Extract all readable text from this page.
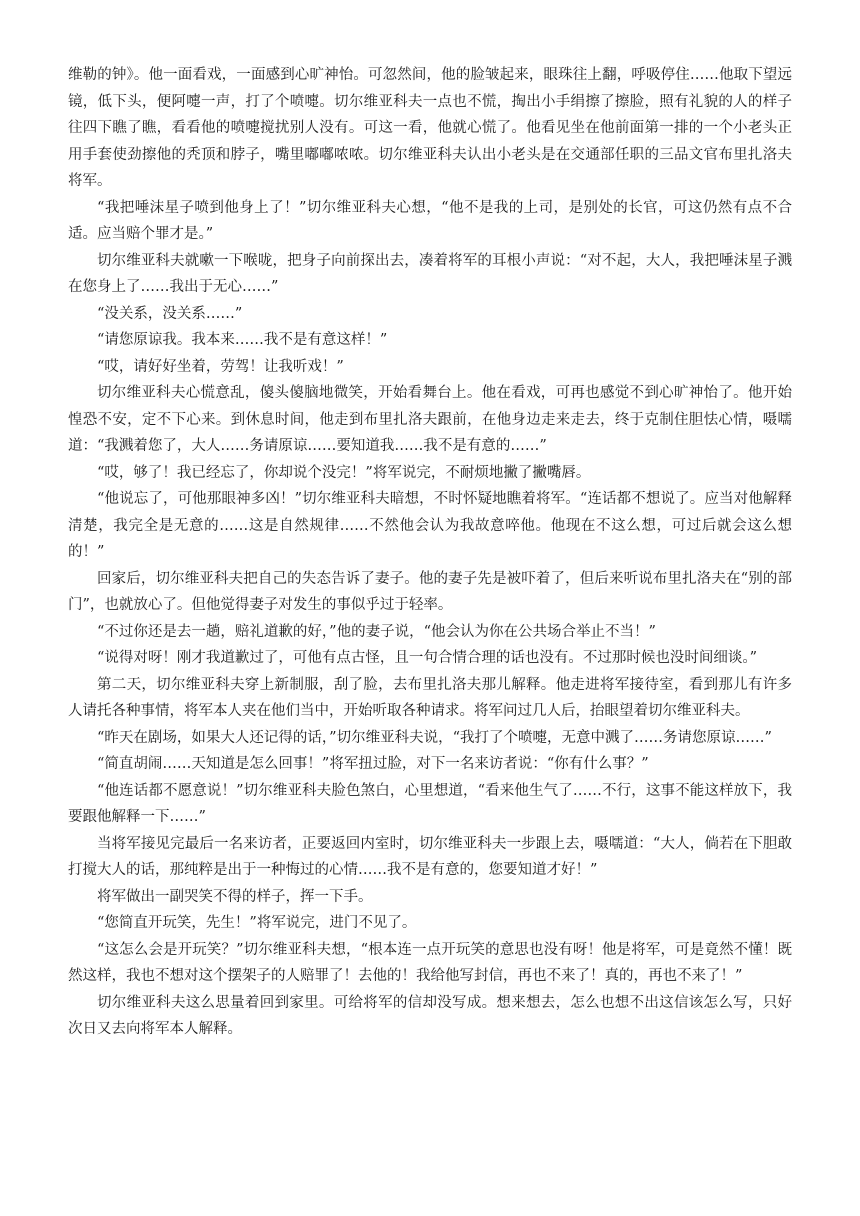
维勒的钟》。他一面看戏，一面感到心旷神怡。可忽然间，他的脸皱起来，眼珠往上翻，呼吸停住……他取下望远镜，低下头，便阿嚏一声，打了个喷嚏。切尔维亚科夫一点也不慌，掏出小手绢擦了擦脸，照有礼貌的人的样子往四下瞧了瞧，看看他的喷嚏搅扰别人没有。可这一看，他就心慌了。他看见坐在他前面第一排的一个小老头正用手套使劲擦他的秃顶和脖子，嘴里嘟嘟哝哝。切尔维亚科夫认出小老头是在交通部任职的三品文官布里扎洛夫将军。

“我把唾沫星子喷到他身上了！”切尔维亚科夫心想，“他不是我的上司，是别处的长官，可这仍然有点不合适。应当赔个罪才是。”

切尔维亚科夫就嗽一下喉咙，把身子向前探出去，凑着将军的耳根小声说：“对不起，大人，我把唾沫星子溅在您身上了……我出于无心……”

“没关系，没关系……”

“请您原谅我。我本来……我不是有意这样！”

“哎，请好好坐着，劳驾！让我听戏！”

切尔维亚科夫心慌意乱，傻头傻脑地微笑，开始看舞台上。他在看戏，可再也感觉不到心旷神怡了。他开始惶恐不安，定不下心来。到休息时间，他走到布里扎洛夫跟前，在他身边走来走去，终于克制住胆怯心情，嗫嚅道：“我溅着您了，大人……务请原谅……要知道我……我不是有意的……”

“哎，够了！我已经忘了，你却说个没完！”将军说完，不耐烦地撇了撇嘴唇。

“他说忘了，可他那眼神多凶！”切尔维亚科夫暗想，不时怀疑地瞧着将军。“连话都不想说了。应当对他解释清楚，我完全是无意的……这是自然规律……不然他会认为我故意啐他。他现在不这么想，可过后就会这么想的！”

回家后，切尔维亚科夫把自己的失态告诉了妻子。他的妻子先是被吓着了，但后来听说布里扎洛夫在“别的部门”，也就放心了。但他觉得妻子对发生的事似乎过于轻率。

“不过你还是去一趟，赔礼道歉的好，”他的妻子说，“他会认为你在公共场合举止不当！”

“说得对呀！刚才我道歉过了，可他有点古怪，且一句合情合理的话也没有。不过那时候也没时间细谈。”

第二天，切尔维亚科夫穿上新制服，刮了脸，去布里扎洛夫那儿解释。他走进将军接待室，看到那儿有许多人请托各种事情，将军本人夹在他们当中，开始听取各种请求。将军问过几人后，抬眼望着切尔维亚科夫。

“昨天在剧场，如果大人还记得的话，”切尔维亚科夫说，“我打了个喷嚏，无意中溅了……务请您原谅……”

“简直胡闹……天知道是怎么回事！”将军扭过脸，对下一名来访者说：“你有什么事？”

“他连话都不愿意说！”切尔维亚科夫脸色煞白，心里想道，“看来他生气了……不行，这事不能这样放下，我要跟他解释一下……”

当将军接见完最后一名来访者，正要返回内室时，切尔维亚科夫一步跟上去，嗫嚅道：“大人，倘若在下胆敢打搅大人的话，那纯粹是出于一种悔过的心情……我不是有意的，您要知道才好！”

将军做出一副哭笑不得的样子，挥一下手。

“您简直开玩笑，先生！”将军说完，进门不见了。

“这怎么会是开玩笑？”切尔维亚科夫想，“根本连一点开玩笑的意思也没有呀！他是将军，可是竟然不懂！既然这样，我也不想对这个摆架子的人赔罪了！去他的！我给他写封信，再也不来了！真的，再也不来了！”

切尔维亚科夫这么思量着回到家里。可给将军的信却没写成。想来想去，怎么也想不出这信该怎么写，只好次日又去向将军本人解释。
